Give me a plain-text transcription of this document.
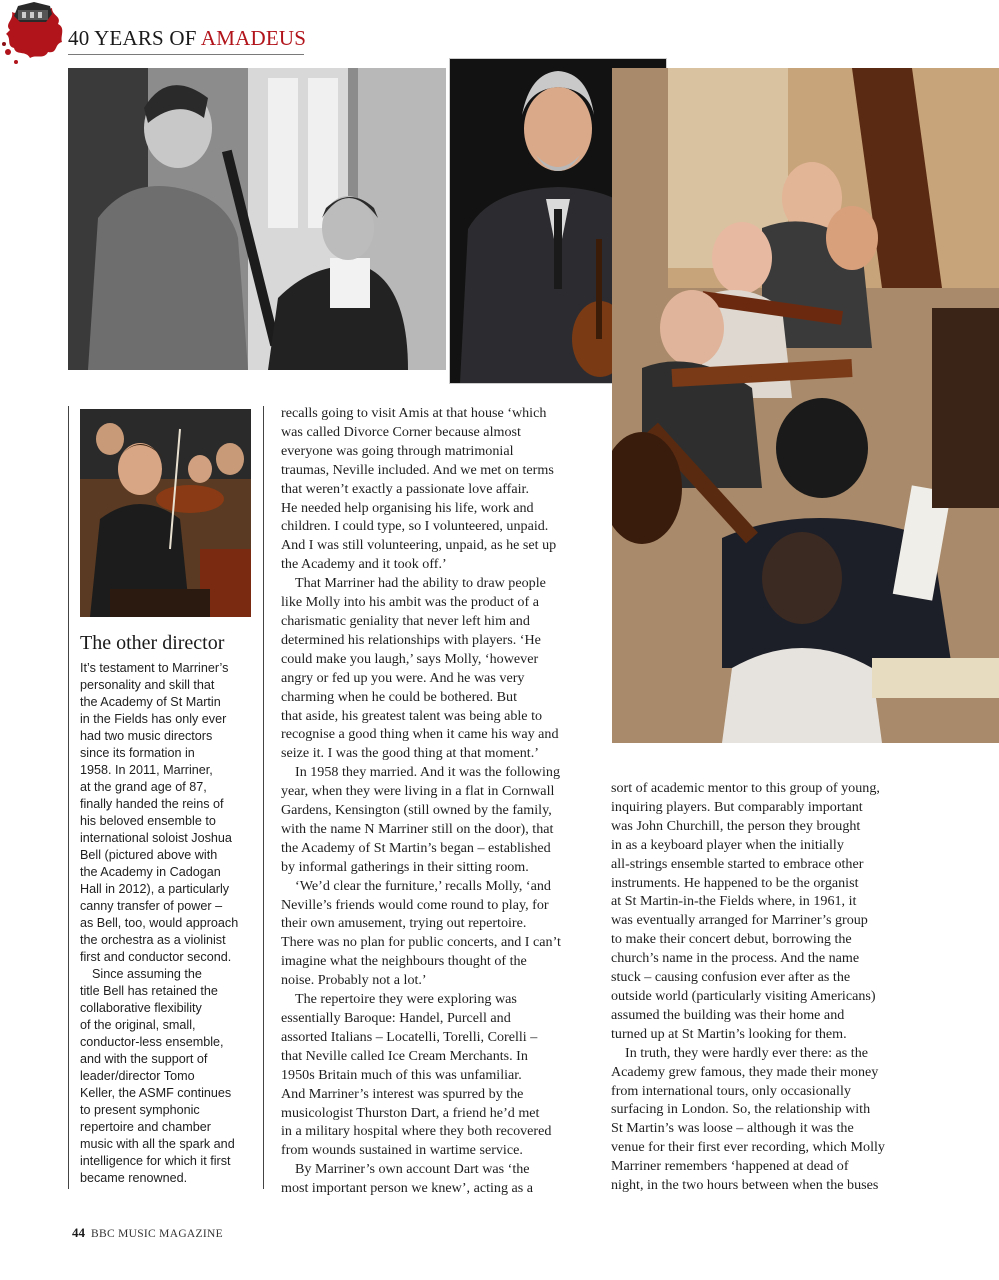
40 YEARS OF AMADEUS
The other director
It’s testament to Marriner’s
personality and skill that
the Academy of St Martin
in the Fields has only ever
had two music directors
since its formation in
1958. In 2011, Marriner,
at the grand age of 87,
finally handed the reins of
his beloved ensemble to
international soloist Joshua
Bell (pictured above with
the Academy in Cadogan
Hall in 2012), a particularly
canny transfer of power –
as Bell, too, would approach
the orchestra as a violinist
first and conductor second.
Since assuming the
title Bell has retained the
collaborative flexibility
of the original, small,
conductor-less ensemble,
and with the support of
leader/director Tomo
Keller, the ASMF continues
to present symphonic
repertoire and chamber
music with all the spark and
intelligence for which it first
became renowned.
recalls going to visit Amis at that house ‘which
was called Divorce Corner because almost
everyone was going through matrimonial
traumas, Neville included. And we met on terms
that weren’t exactly a passionate love affair.
He needed help organising his life, work and
children. I could type, so I volunteered, unpaid.
And I was still volunteering, unpaid, as he set up
the Academy and it took off.’
That Marriner had the ability to draw people
like Molly into his ambit was the product of a
charismatic geniality that never left him and
determined his relationships with players. ‘He
could make you laugh,’ says Molly, ‘however
angry or fed up you were. And he was very
charming when he could be bothered. But
that aside, his greatest talent was being able to
recognise a good thing when it came his way and
seize it. I was the good thing at that moment.’
In 1958 they married. And it was the following
year, when they were living in a flat in Cornwall
Gardens, Kensington (still owned by the family,
with the name N Marriner still on the door), that
the Academy of St Martin’s began – established
by informal gatherings in their sitting room.
‘We’d clear the furniture,’ recalls Molly, ‘and
Neville’s friends would come round to play, for
their own amusement, trying out repertoire.
There was no plan for public concerts, and I can’t
imagine what the neighbours thought of the
noise. Probably not a lot.’
The repertoire they were exploring was
essentially Baroque: Handel, Purcell and
assorted Italians – Locatelli, Torelli, Corelli –
that Neville called Ice Cream Merchants. In
1950s Britain much of this was unfamiliar.
And Marriner’s interest was spurred by the
musicologist Thurston Dart, a friend he’d met
in a military hospital where they both recovered
from wounds sustained in wartime service.
By Marriner’s own account Dart was ‘the
most important person we knew’, acting as a
sort of academic mentor to this group of young,
inquiring players. But comparably important
was John Churchill, the person they brought
in as a keyboard player when the initially
all-strings ensemble started to embrace other
instruments. He happened to be the organist
at St Martin-in-the Fields where, in 1961, it
was eventually arranged for Marriner’s group
to make their concert debut, borrowing the
church’s name in the process. And the name
stuck – causing confusion ever after as the
outside world (particularly visiting Americans)
assumed the building was their home and
turned up at St Martin’s looking for them.
In truth, they were hardly ever there: as the
Academy grew famous, they made their money
from international tours, only occasionally
surfacing in London. So, the relationship with
St Martin’s was loose – although it was the
venue for their first ever recording, which Molly
Marriner remembers ‘happened at dead of
night, in the two hours between when the buses
44 BBC MUSIC MAGAZINE
